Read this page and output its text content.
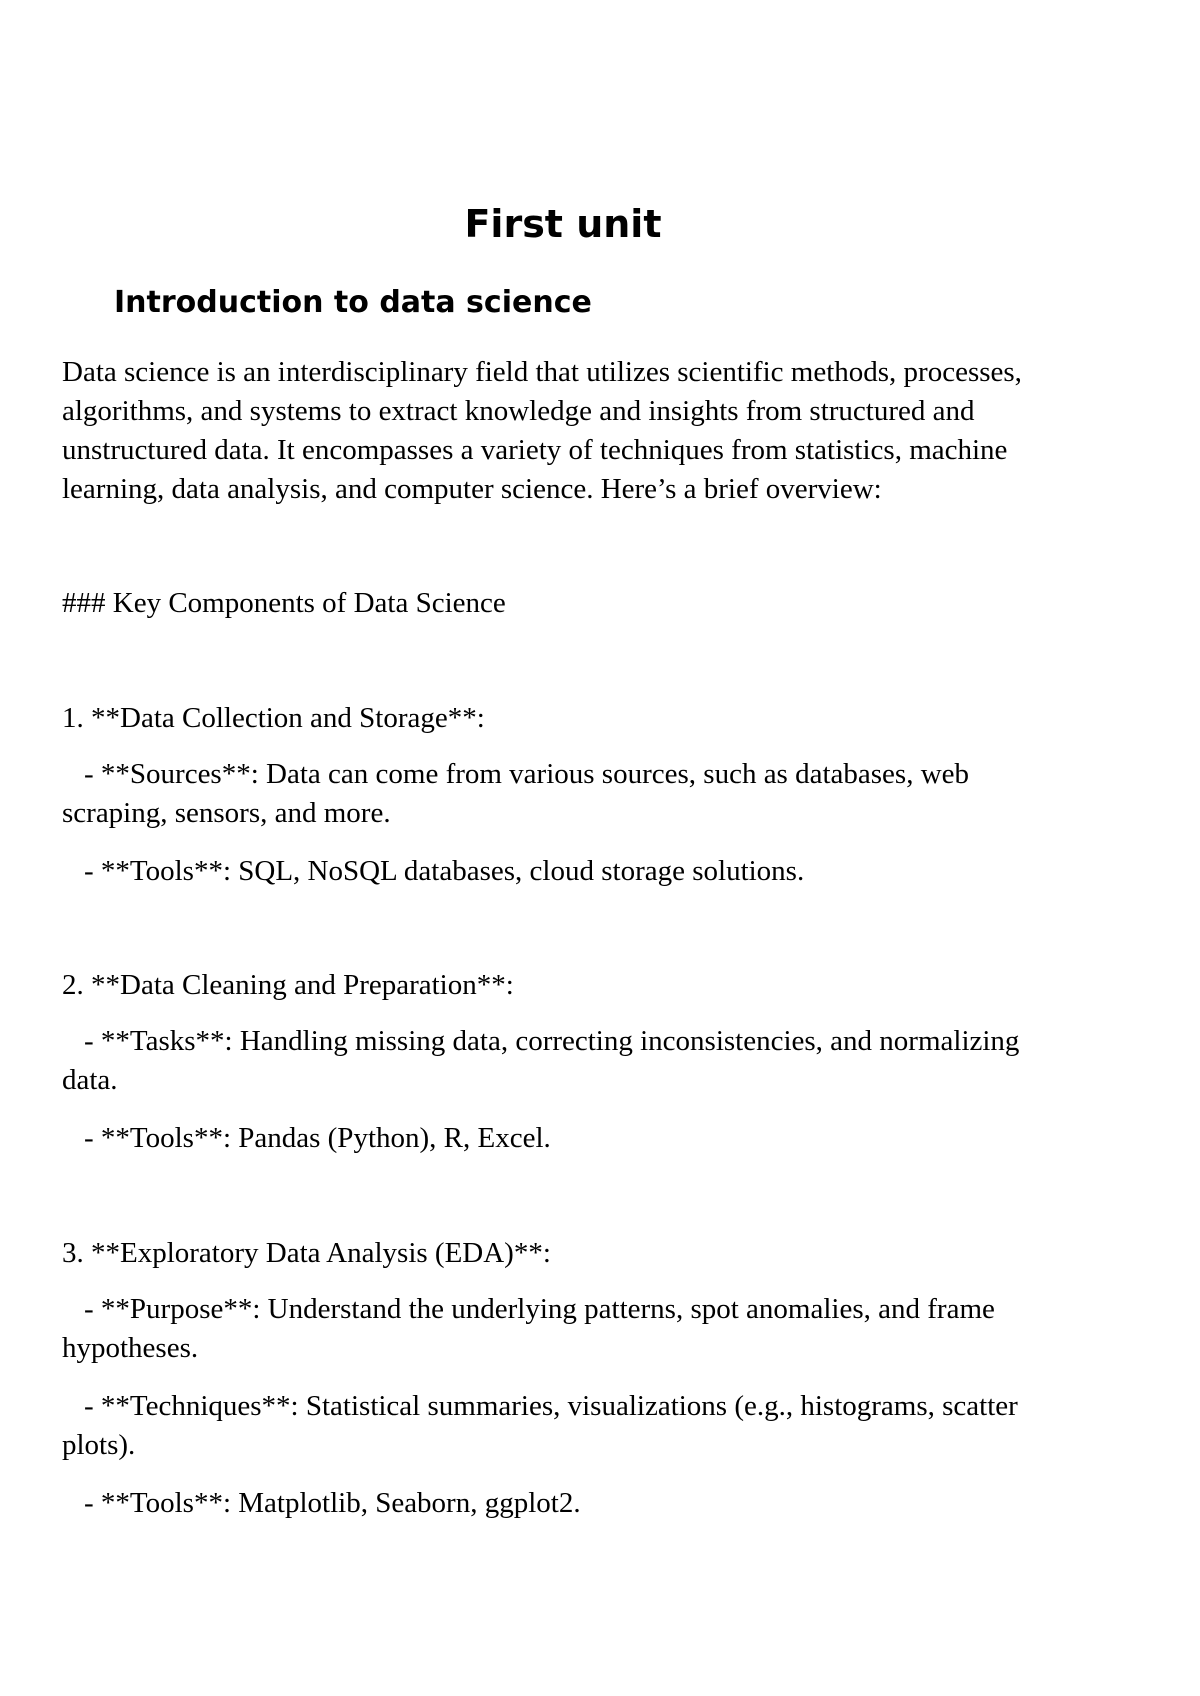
First unit
Introduction to data science

Data science is an interdisciplinary field that utilizes scientific methods, processes,
algorithms, and systems to extract knowledge and insights from structured and
unstructured data. It encompasses a variety of techniques from statistics, machine
learning, data analysis, and computer science. Here’s a brief overview:

### Key Components of Data Science

1. **Data Collection and Storage**:

- **Sources**: Data can come from various sources, such as databases, web
scraping, sensors, and more.

- **Tools**: SQL, NoSQL databases, cloud storage solutions.

2. **Data Cleaning and Preparation**:

- **Tasks**: Handling missing data, correcting inconsistencies, and normalizing
data.

- **Tools**: Pandas (Python), R, Excel.

3. **Exploratory Data Analysis (EDA)**:

- **Purpose**: Understand the underlying patterns, spot anomalies, and frame
hypotheses.

- **Techniques**: Statistical summaries, visualizations (e.g., histograms, scatter
plots).

- **Tools**: Matplotlib, Seaborn, ggplot2.
